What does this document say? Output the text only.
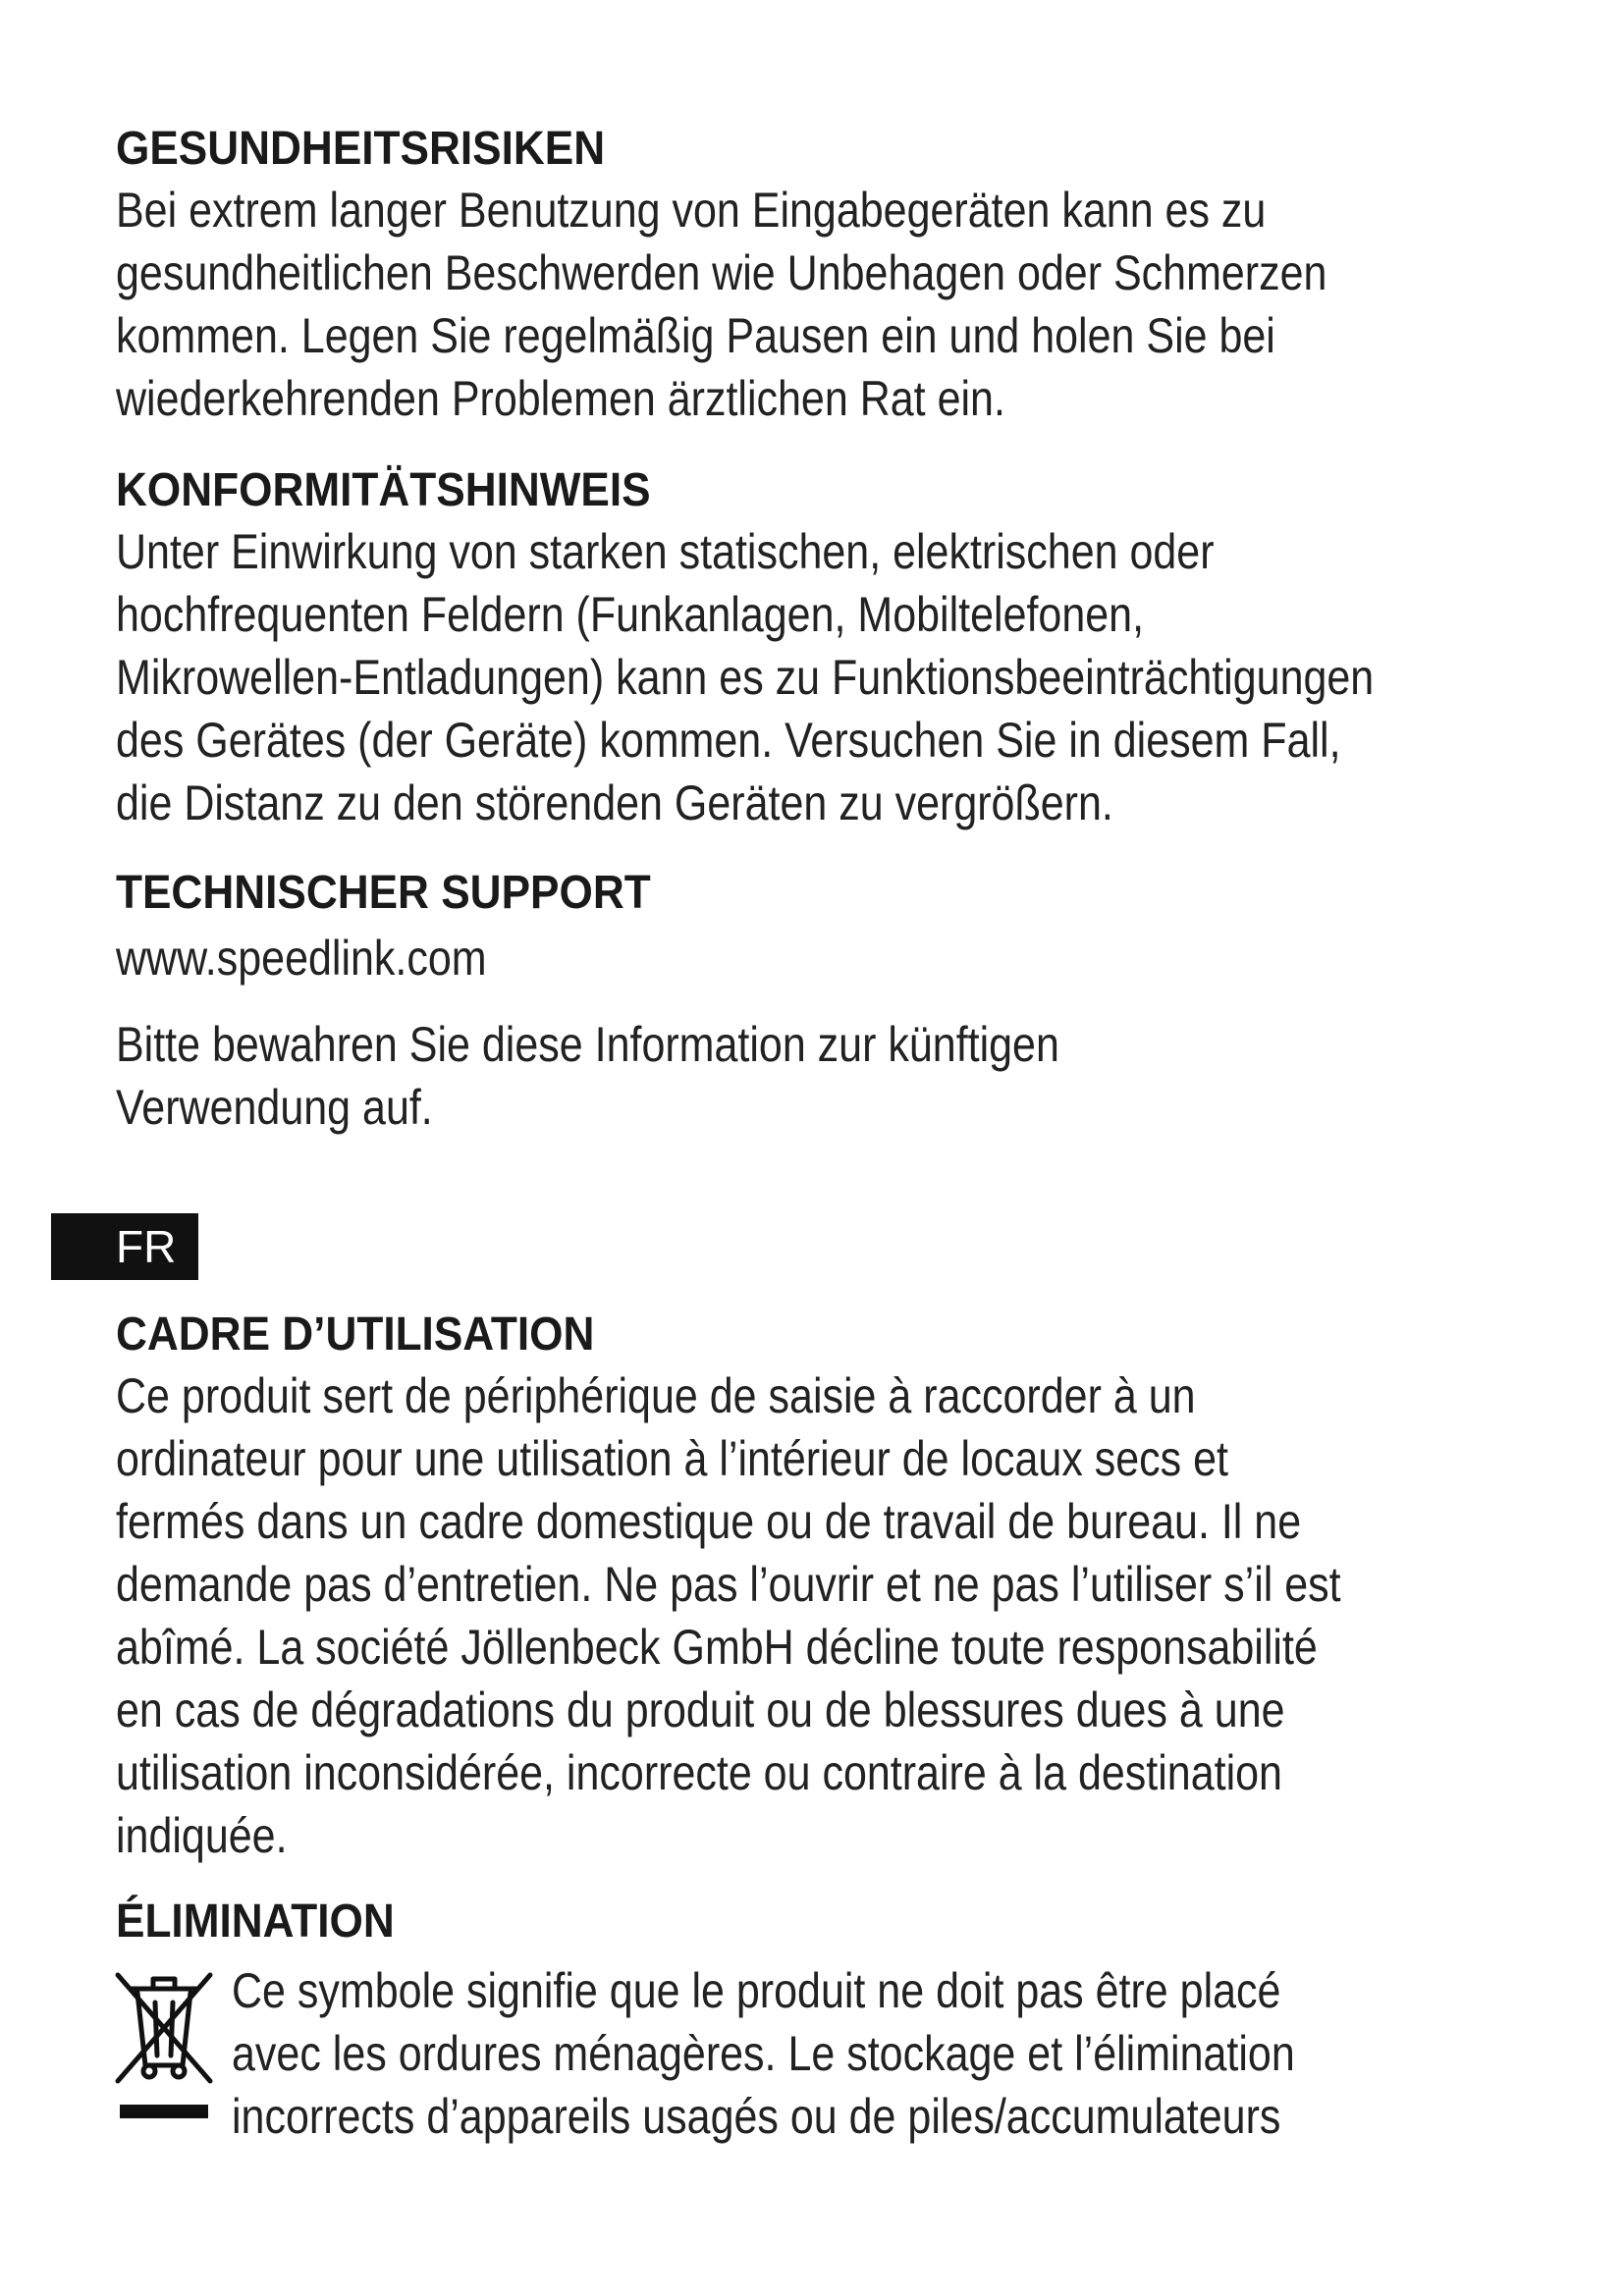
GESUNDHEITSRISIKEN
Bei extrem langer Benutzung von Eingabegeräten kann es zu
gesundheitlichen Beschwerden wie Unbehagen oder Schmerzen
kommen. Legen Sie regelmäßig Pausen ein und holen Sie bei
wiederkehrenden Problemen ärztlichen Rat ein.
KONFORMITÄTSHINWEIS
Unter Einwirkung von starken statischen, elektrischen oder
hochfrequenten Feldern (Funkanlagen, Mobiltelefonen,
Mikrowellen-Entladungen) kann es zu Funktionsbeeinträchtigungen
des Gerätes (der Geräte) kommen. Versuchen Sie in diesem Fall,
die Distanz zu den störenden Geräten zu vergrößern.
TECHNISCHER SUPPORT
www.speedlink.com
Bitte bewahren Sie diese Information zur künftigen
Verwendung auf.
FR
CADRE D’UTILISATION
Ce produit sert de périphérique de saisie à raccorder à un
ordinateur pour une utilisation à l’intérieur de locaux secs et
fermés dans un cadre domestique ou de travail de bureau. Il ne
demande pas d’entretien. Ne pas l’ouvrir et ne pas l’utiliser s’il est
abîmé. La société Jöllenbeck GmbH décline toute responsabilité
en cas de dégradations du produit ou de blessures dues à une
utilisation inconsidérée, incorrecte ou contraire à la destination
indiquée.
ÉLIMINATION
Ce symbole signifie que le produit ne doit pas être placé
avec les ordures ménagères. Le stockage et l’élimination
incorrects d’appareils usagés ou de piles/accumulateurs
